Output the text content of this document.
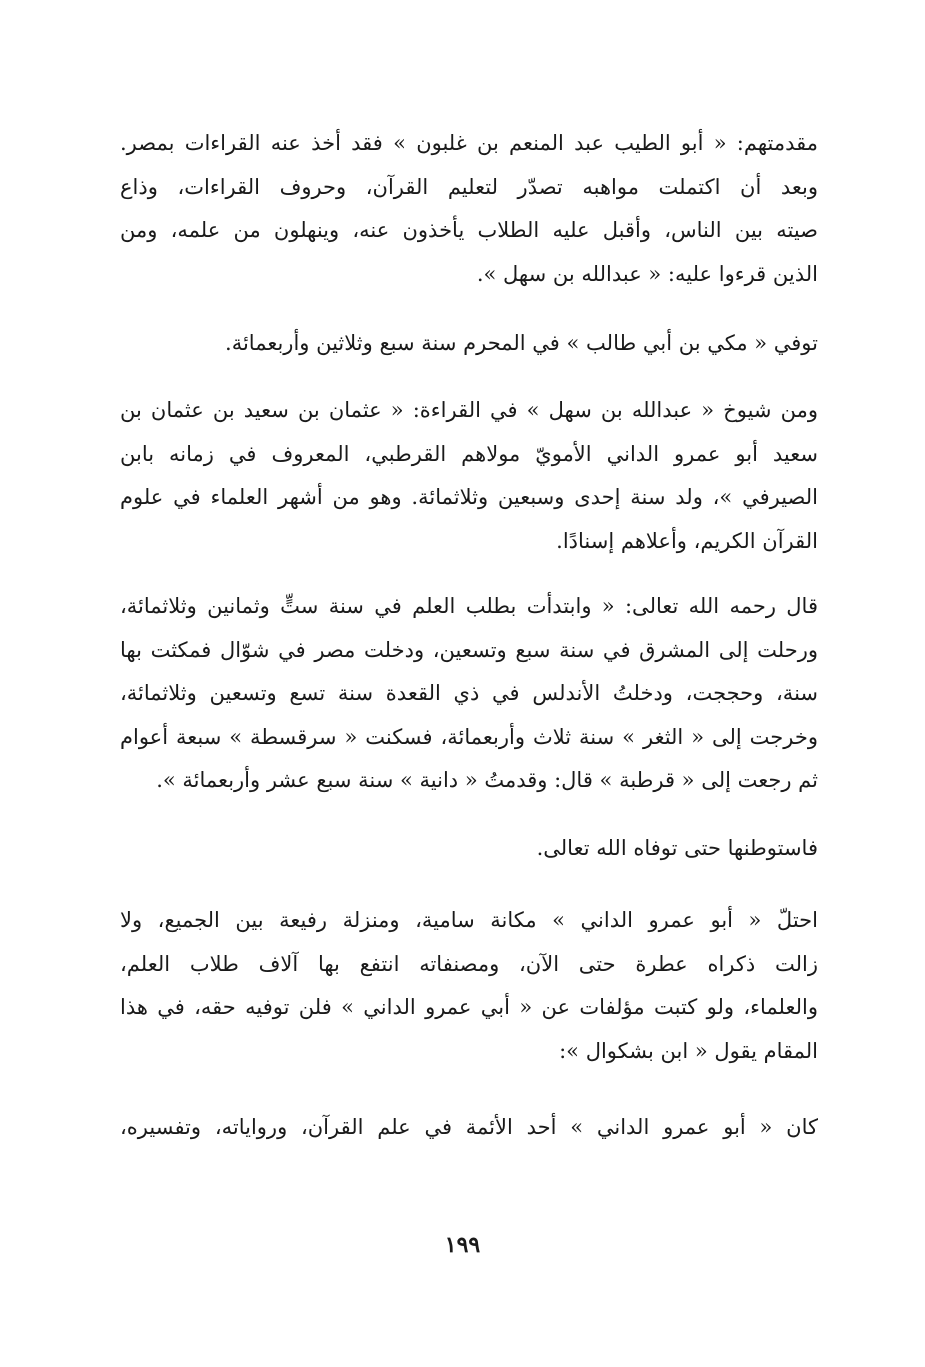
مقدمتهم: « أبو الطيب عبد المنعم بن غلبون » فقد أخذ عنه القراءات بمصر.
وبعد أن اكتملت مواهبه تصدّر لتعليم القرآن، وحروف القراءات، وذاع
صيته بين الناس، وأقبل عليه الطلاب يأخذون عنه، وينهلون من علمه، ومن
الذين قرءوا عليه: « عبدالله بن سهل ».
توفي « مكي بن أبي طالب » في المحرم سنة سبع وثلاثين وأربعمائة.
ومن شيوخ « عبدالله بن سهل » في القراءة: « عثمان بن سعيد بن عثمان بن
سعيد أبو عمرو الداني الأمويّ مولاهم القرطبي، المعروف في زمانه بابن
الصيرفي »، ولد سنة إحدى وسبعين وثلاثمائة. وهو من أشهر العلماء في علوم
القرآن الكريم، وأعلاهم إسنادًا.
قال رحمه الله تعالى: « وابتدأت بطلب العلم في سنة ستٍّ وثمانين وثلاثمائة،
ورحلت إلى المشرق في سنة سبع وتسعين، ودخلت مصر في شوّال فمكثت بها
سنة، وحججت، ودخلتُ الأندلس في ذي القعدة سنة تسع وتسعين وثلاثمائة،
وخرجت إلى « الثغر » سنة ثلاث وأربعمائة، فسكنت « سرقسطة » سبعة أعوام
ثم رجعت إلى « قرطبة » قال: وقدمتُ « دانية » سنة سبع عشر وأربعمائة ».
فاستوطنها حتى توفاه الله تعالى.
احتلّ « أبو عمرو الداني » مكانة سامية، ومنزلة رفيعة بين الجميع، ولا
زالت ذكراه عطرة حتى الآن، ومصنفاته انتفع بها آلاف طلاب العلم،
والعلماء، ولو كتبت مؤلفات عن « أبي عمرو الداني » فلن توفيه حقه، في هذا
المقام يقول « ابن بشكوال »:
كان « أبو عمرو الداني » أحد الأئمة في علم القرآن، ورواياته، وتفسيره،
١٩٩
